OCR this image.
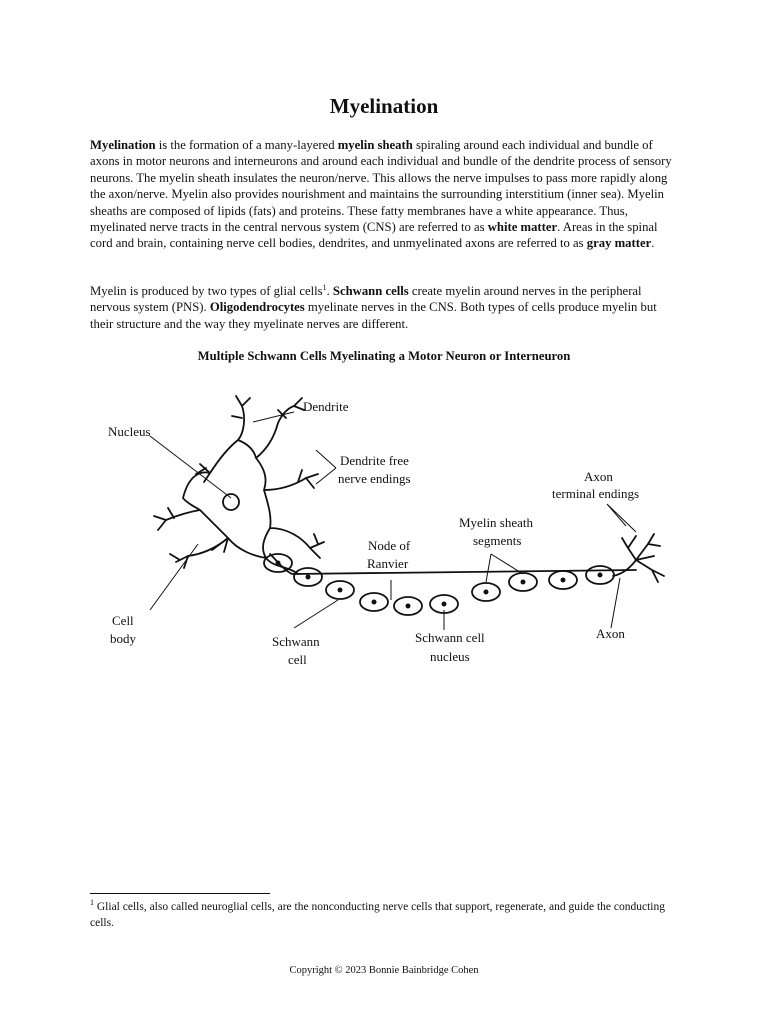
Myelination

Myelination is the formation of a many-layered myelin sheath spiraling around each individual and bundle of axons in motor neurons and interneurons and around each individual and bundle of the dendrite process of sensory neurons. The myelin sheath insulates the neuron/nerve. This allows the nerve impulses to pass more rapidly along the axon/nerve. Myelin also provides nourishment and maintains the surrounding interstitium (inner sea). Myelin sheaths are composed of lipids (fats) and proteins. These fatty membranes have a white appearance. Thus, myelinated nerve tracts in the central nervous system (CNS) are referred to as white matter. Areas in the spinal cord and brain, containing nerve cell bodies, dendrites, and unmyelinated axons are referred to as gray matter.

Myelin is produced by two types of glial cells$^1$. Schwann cells create myelin around nerves in the peripheral nervous system (PNS). Oligodendrocytes myelinate nerves in the CNS. Both types of cells produce myelin but their structure and the way they myelinate nerves are different.

Multiple Schwann Cells Myelinating a Motor Neuron or Interneuron

Dendrite
Nucleus
Dendrite free
nerve endings	Axon
terminal endings
Myelin sheath
segments
Node of
Ranvier
Cell
body	Schwann
cell
Schwann cell
nucleus
Axon

$^1$ Glial cells, also called neuroglial cells, are the nonconducting nerve cells that support, regenerate, and guide the conducting cells.

Copyright © 2023 Bonnie Bainbridge Cohen
